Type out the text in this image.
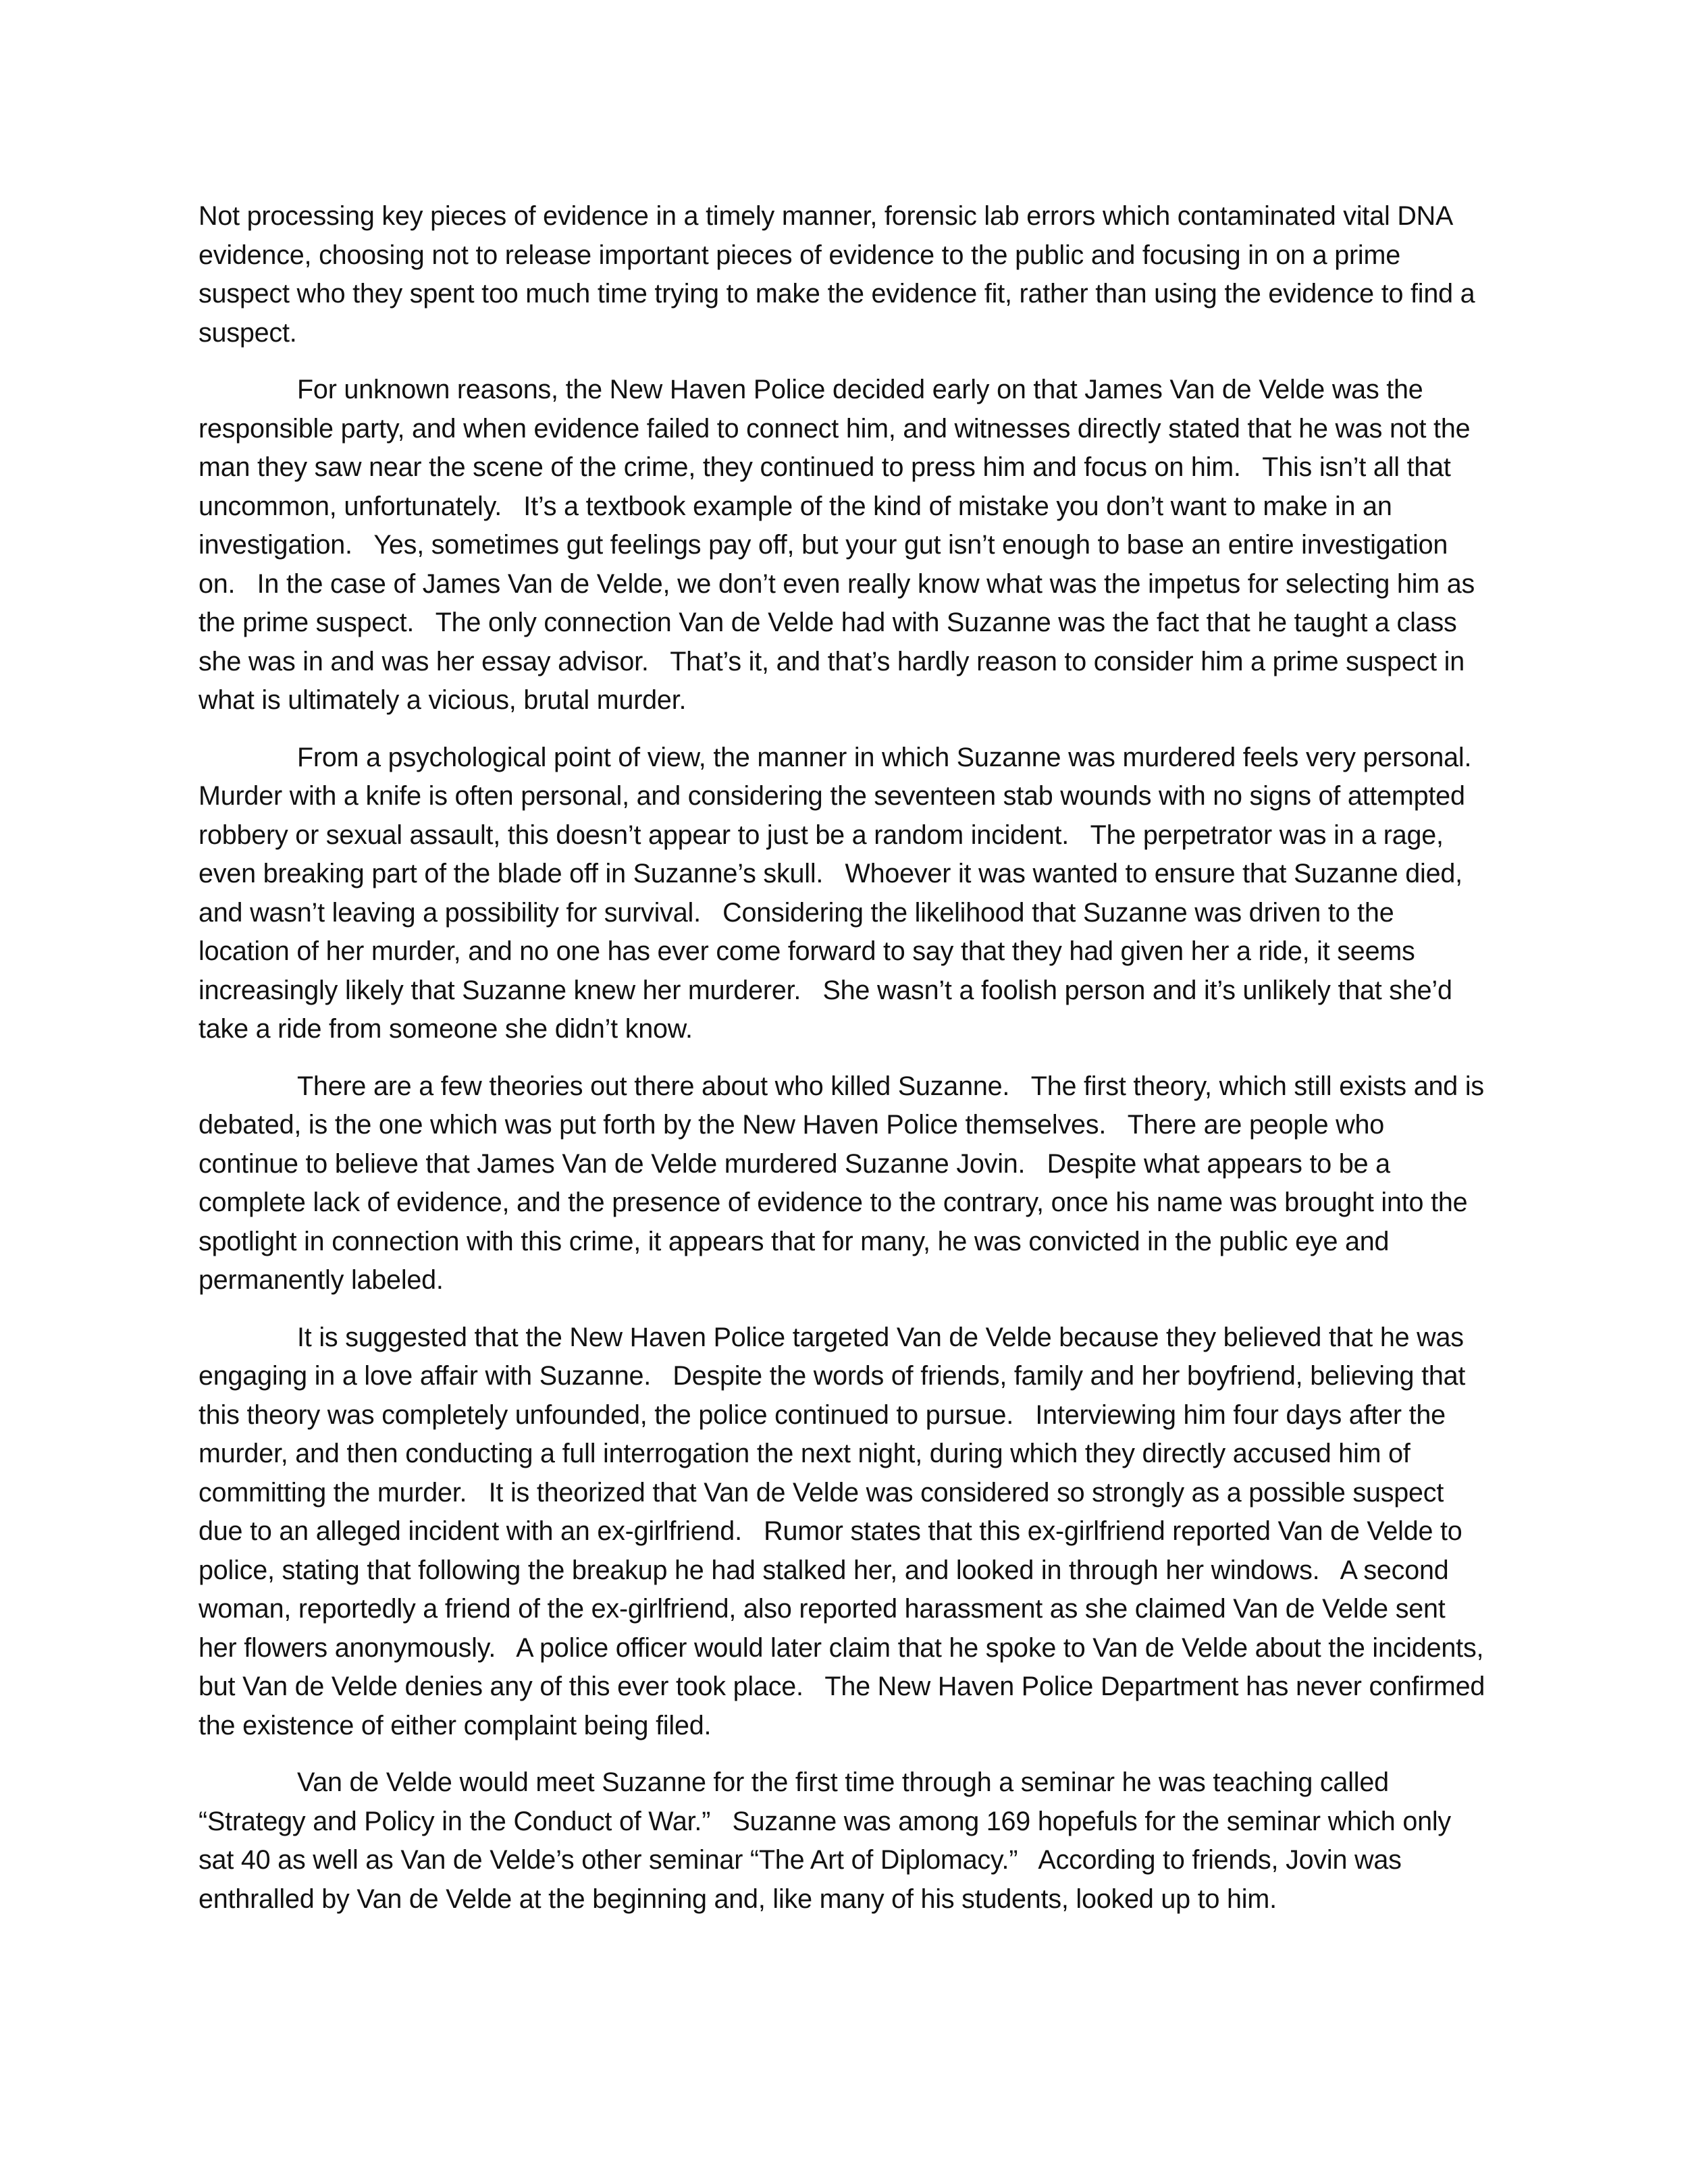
Not processing key pieces of evidence in a timely manner, forensic lab errors which contaminated vital DNA evidence, choosing not to release important pieces of evidence to the public and focusing in on a prime suspect who they spent too much time trying to make the evidence fit, rather than using the evidence to find a suspect.

For unknown reasons, the New Haven Police decided early on that James Van de Velde was the responsible party, and when evidence failed to connect him, and witnesses directly stated that he was not the man they saw near the scene of the crime, they continued to press him and focus on him.   This isn’t all that uncommon, unfortunately.   It’s a textbook example of the kind of mistake you don’t want to make in an investigation.   Yes, sometimes gut feelings pay off, but your gut isn’t enough to base an entire investigation on.   In the case of James Van de Velde, we don’t even really know what was the impetus for selecting him as the prime suspect.   The only connection Van de Velde had with Suzanne was the fact that he taught a class she was in and was her essay advisor.   That’s it, and that’s hardly reason to consider him a prime suspect in what is ultimately a vicious, brutal murder.

From a psychological point of view, the manner in which Suzanne was murdered feels very personal.   Murder with a knife is often personal, and considering the seventeen stab wounds with no signs of attempted robbery or sexual assault, this doesn’t appear to just be a random incident.   The perpetrator was in a rage, even breaking part of the blade off in Suzanne’s skull.   Whoever it was wanted to ensure that Suzanne died, and wasn’t leaving a possibility for survival.   Considering the likelihood that Suzanne was driven to the location of her murder, and no one has ever come forward to say that they had given her a ride, it seems increasingly likely that Suzanne knew her murderer.   She wasn’t a foolish person and it’s unlikely that she’d take a ride from someone she didn’t know.

There are a few theories out there about who killed Suzanne.   The first theory, which still exists and is debated, is the one which was put forth by the New Haven Police themselves.   There are people who continue to believe that James Van de Velde murdered Suzanne Jovin.   Despite what appears to be a complete lack of evidence, and the presence of evidence to the contrary, once his name was brought into the spotlight in connection with this crime, it appears that for many, he was convicted in the public eye and permanently labeled.

It is suggested that the New Haven Police targeted Van de Velde because they believed that he was engaging in a love affair with Suzanne.   Despite the words of friends, family and her boyfriend, believing that this theory was completely unfounded, the police continued to pursue.   Interviewing him four days after the murder, and then conducting a full interrogation the next night, during which they directly accused him of committing the murder.   It is theorized that Van de Velde was considered so strongly as a possible suspect due to an alleged incident with an ex-girlfriend.   Rumor states that this ex-girlfriend reported Van de Velde to police, stating that following the breakup he had stalked her, and looked in through her windows.   A second woman, reportedly a friend of the ex-girlfriend, also reported harassment as she claimed Van de Velde sent her flowers anonymously.   A police officer would later claim that he spoke to Van de Velde about the incidents, but Van de Velde denies any of this ever took place.   The New Haven Police Department has never confirmed the existence of either complaint being filed.

Van de Velde would meet Suzanne for the first time through a seminar he was teaching called “Strategy and Policy in the Conduct of War.”   Suzanne was among 169 hopefuls for the seminar which only sat 40 as well as Van de Velde’s other seminar “The Art of Diplomacy.”   According to friends, Jovin was enthralled by Van de Velde at the beginning and, like many of his students, looked up to him.
